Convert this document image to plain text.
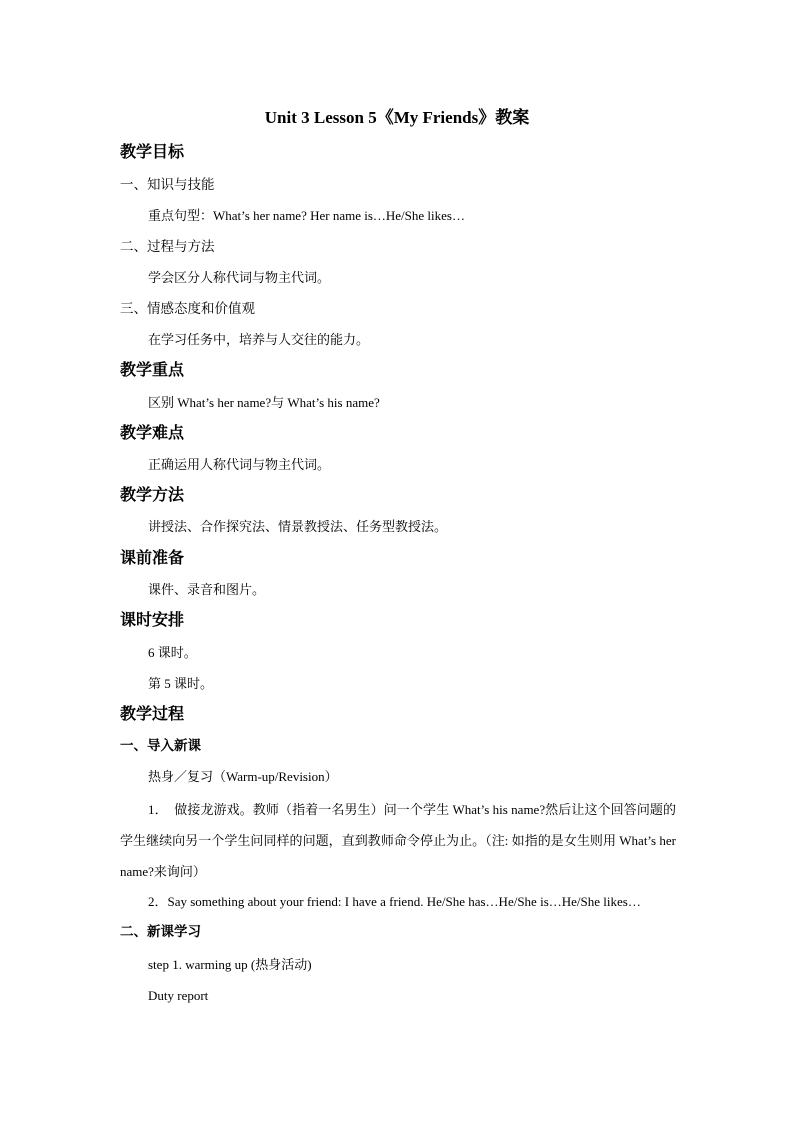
Unit 3 Lesson 5《My Friends》教案
教学目标
一、知识与技能
重点句型：What’s her name? Her name is…He/She likes…
二、过程与方法
学会区分人称代词与物主代词。
三、情感态度和价值观
在学习任务中，培养与人交往的能力。
教学重点
区别 What’s her name?与 What’s his name?
教学难点
正确运用人称代词与物主代词。
教学方法
讲授法、合作探究法、情景教授法、任务型教授法。
课前准备
课件、录音和图片。
课时安排
6 课时。
第 5 课时。
教学过程
一、导入新课
热身／复习（Warm-up/Revision）
1．　做接龙游戏。教师（指着一名男生）问一个学生 What’s his name?然后让这个回答问题的学生继续向另一个学生问同样的问题，直到教师命令停止为止。（注: 如指的是女生则用 What’s her name?来询问）
2．Say something about your friend: I have a friend. He/She has…He/She is…He/She likes…
二、新课学习
step 1. warming up (热身活动)
Duty report
